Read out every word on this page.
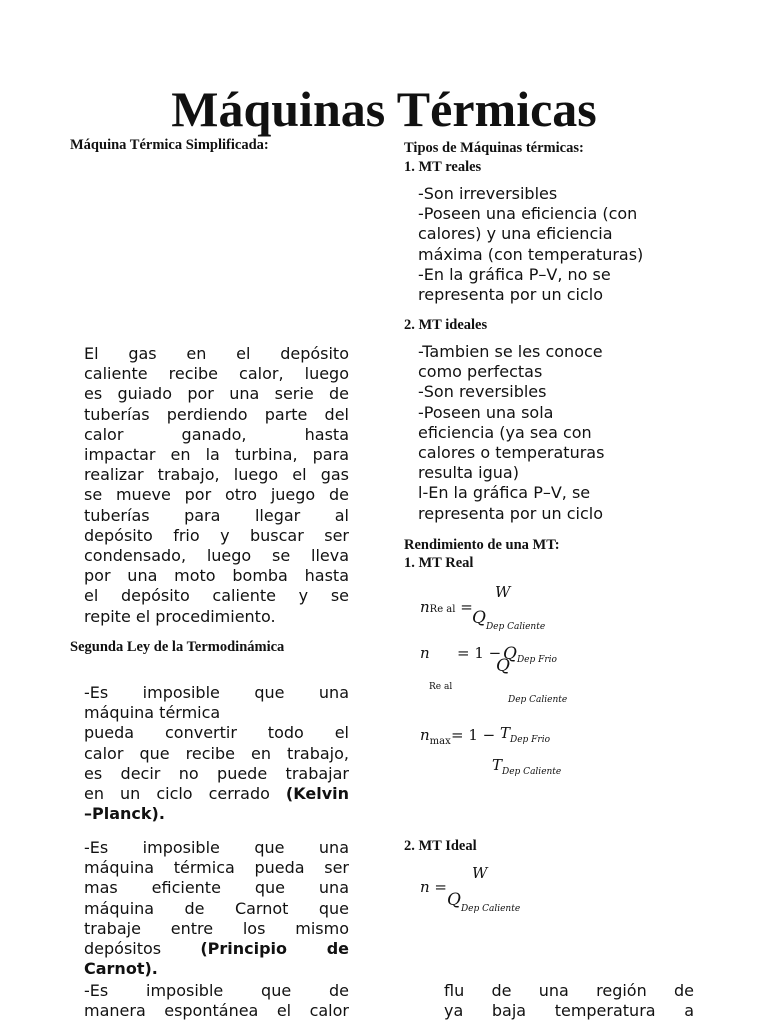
Máquinas Térmicas
Máquina Térmica Simplificada:
El gas en el depósito
caliente recibe calor, luego
es guiado por una serie de
tuberías perdiendo parte del
calor ganado, hasta
impactar en la turbina, para
realizar trabajo, luego el gas
se mueve por otro juego de
tuberías para llegar al
depósito frio y buscar ser
condensado, luego se lleva
por una moto bomba hasta
el depósito caliente y se
repite el procedimiento.
Segunda Ley de la Termodinámica
-Es imposible que una
máquina térmica
pueda convertir todo el
calor que recibe en trabajo,
es decir no puede trabajar
en un ciclo cerrado (Kelvin
–Planck).
-Es imposible que una
máquina térmica pueda ser
mas eficiente que una
máquina de Carnot que
trabaje entre los mismo
depósitos (Principio de
Carnot).
-Es imposible que de
manera espontánea el calor
Tipos de Máquinas térmicas:
1. MT reales
-Son irreversibles
-Poseen una eficiencia (con
calores) y una eficiencia
máxima (con temperaturas)
-En la gráfica P–V, no se
representa por un ciclo
2. MT ideales
-Tambien se les conoce
como perfectas
-Son reversibles
-Poseen una sola
eficiencia (ya sea con
calores o temperaturas
resulta igua)
l-En la gráfica P–V, se
representa por un ciclo
Rendimiento de una MT:
1. MT Real
W
nRe al =
$Q_{Dep Caliente}$
n = 1 − QDep Frio
Q
Re al
Dep Caliente
$n_{max} = 1 - T_{Dep Frio}$
$T_{Dep Caliente}$
2. MT Ideal
W
n =
$Q_{Dep Caliente}$
flu de una región de
ya baja temperatura a
